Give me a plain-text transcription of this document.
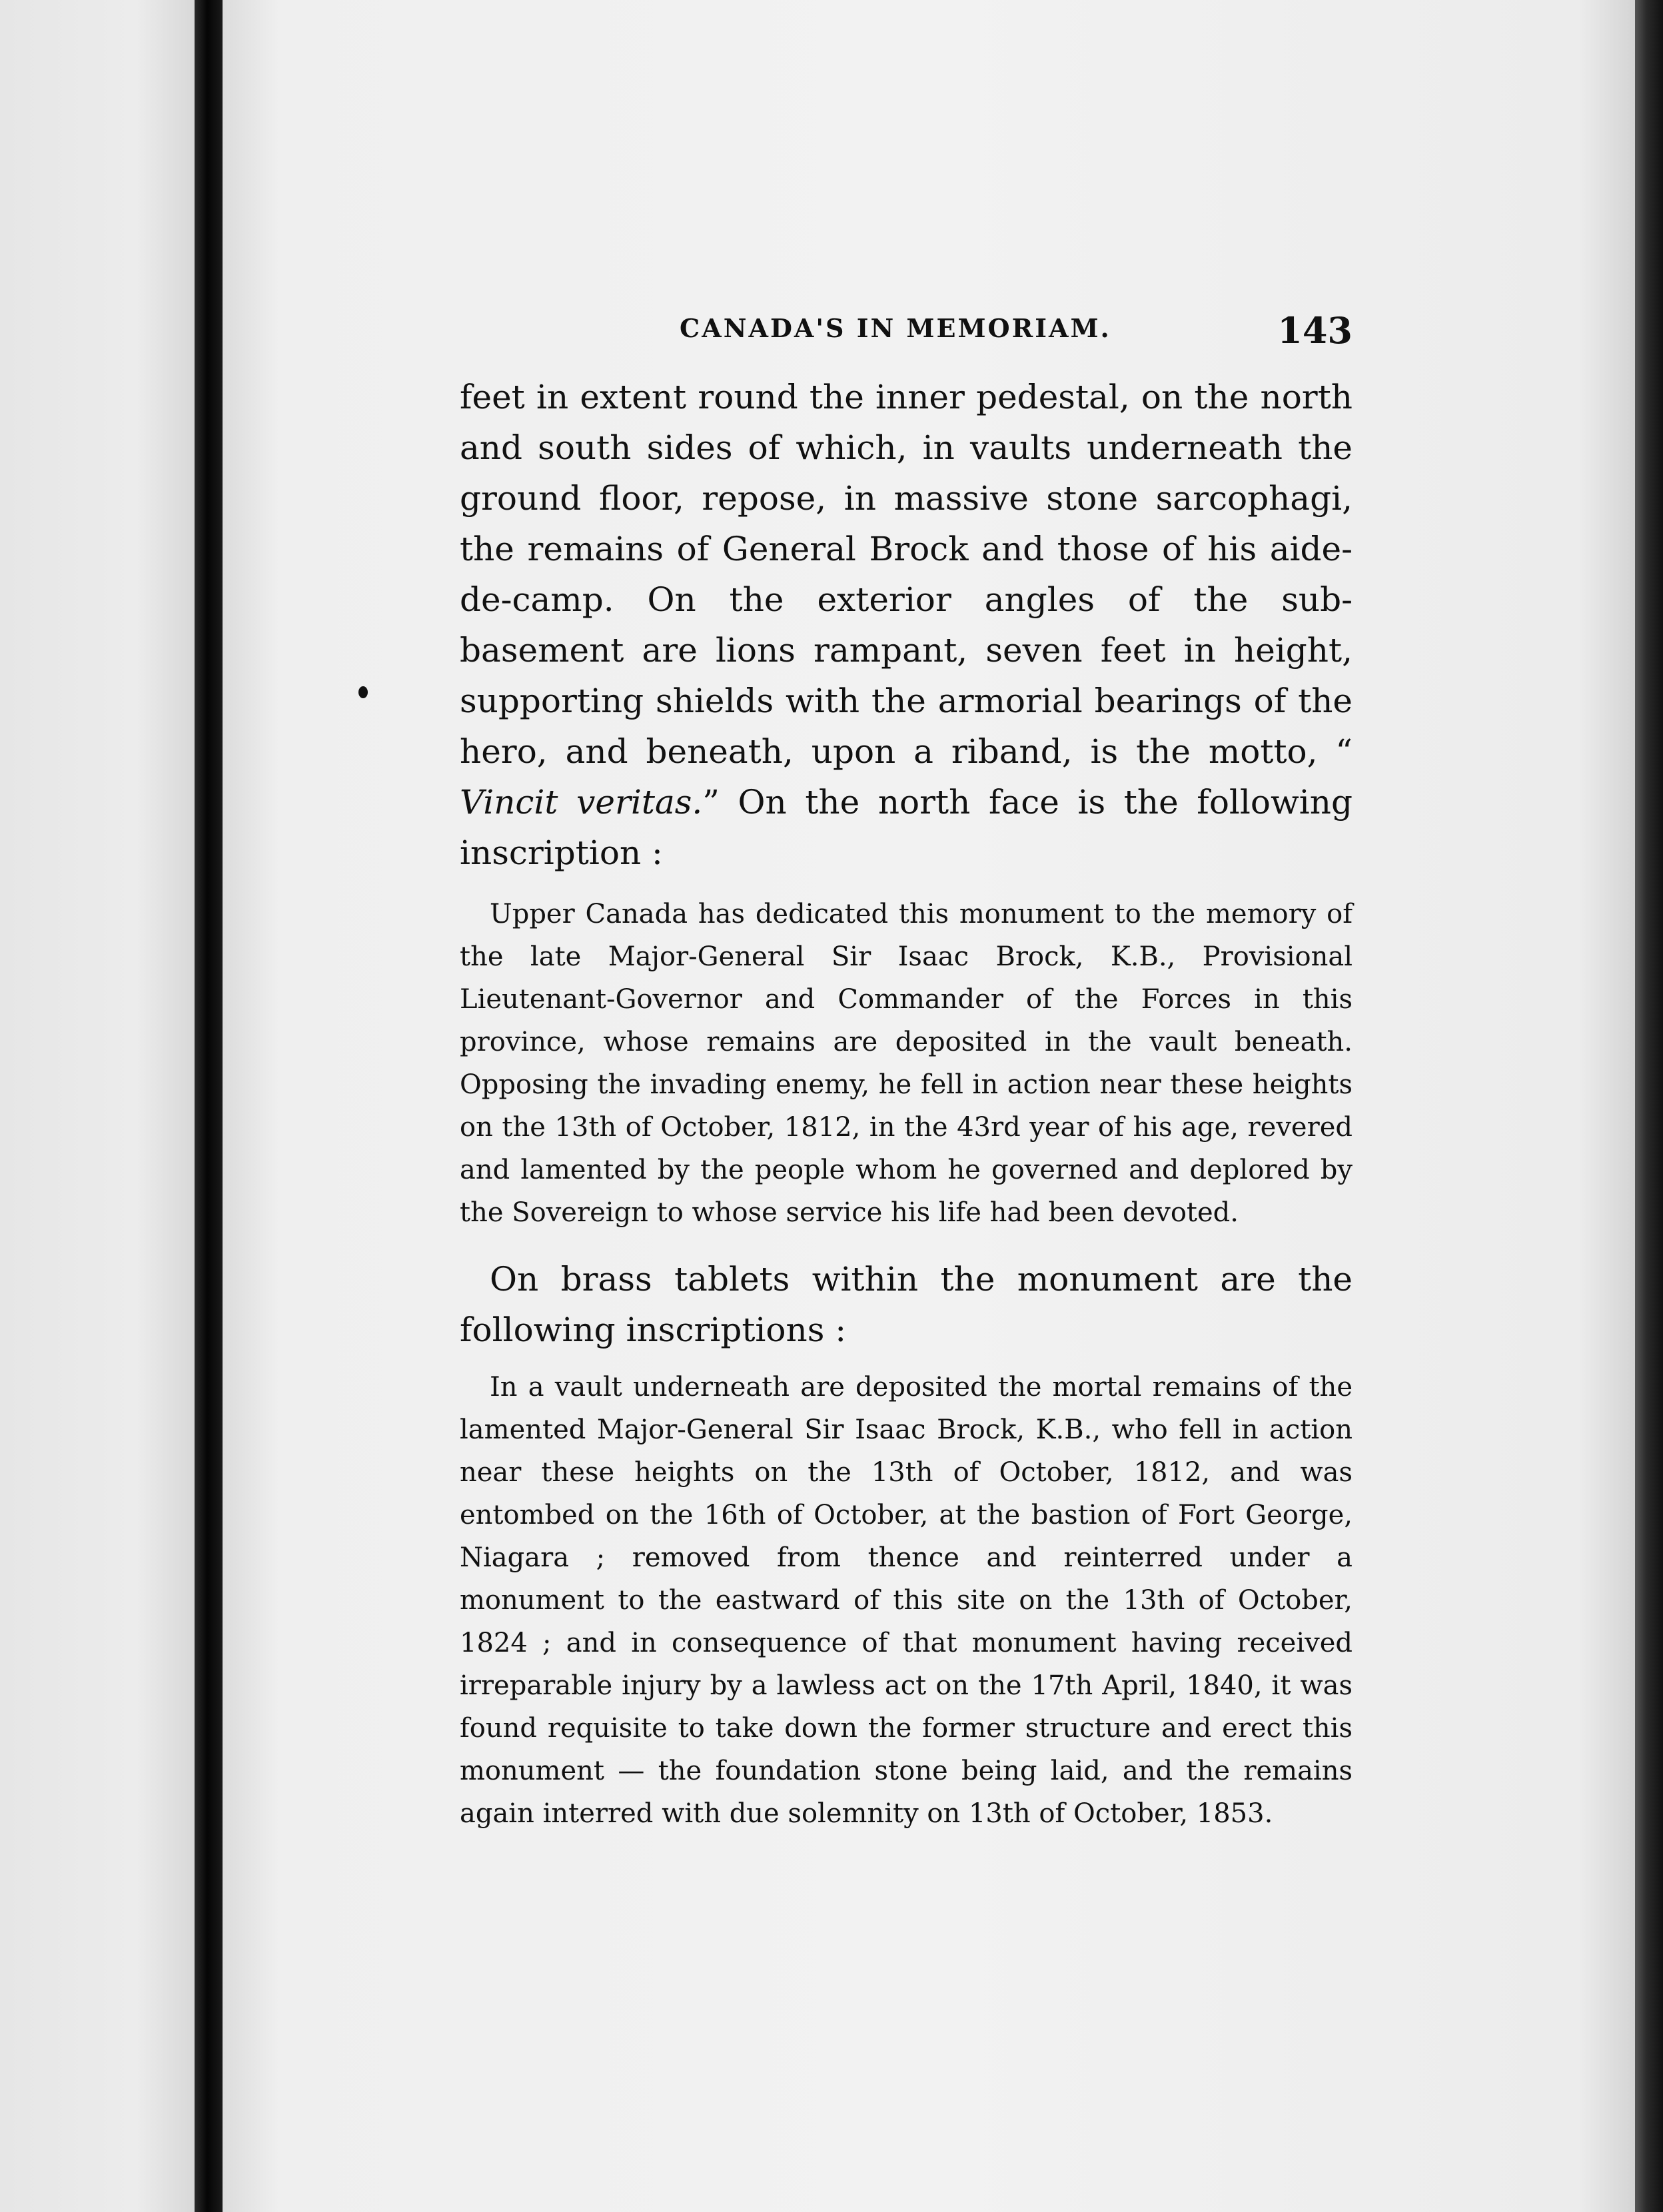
CANADA'S IN MEMORIAM.	143

feet in extent round the inner pedestal, on the north and south sides of which, in vaults underneath the ground floor, repose, in massive stone sarcophagi, the remains of General Brock and those of his aide-de-camp. On the exterior angles of the sub-basement are lions rampant, seven feet in height, supporting shields with the armorial bearings of the hero, and beneath, upon a riband, is the motto, “ Vincit veritas.” On the north face is the following inscription :

Upper Canada has dedicated this monument to the memory of the late Major-General Sir Isaac Brock, K.B., Provisional Lieutenant-Governor and Commander of the Forces in this province, whose remains are deposited in the vault beneath. Opposing the invading enemy, he fell in action near these heights on the 13th of October, 1812, in the 43rd year of his age, revered and lamented by the people whom he governed and deplored by the Sovereign to whose service his life had been devoted.

On brass tablets within the monument are the following inscriptions :

In a vault underneath are deposited the mortal remains of the lamented Major-General Sir Isaac Brock, K.B., who fell in action near these heights on the 13th of October, 1812, and was entombed on the 16th of October, at the bastion of Fort George, Niagara ; removed from thence and reinterred under a monument to the eastward of this site on the 13th of October, 1824 ; and in consequence of that monument having received irreparable injury by a lawless act on the 17th April, 1840, it was found requisite to take down the former structure and erect this monument — the foundation stone being laid, and the remains again interred with due solemnity on 13th of October, 1853.
